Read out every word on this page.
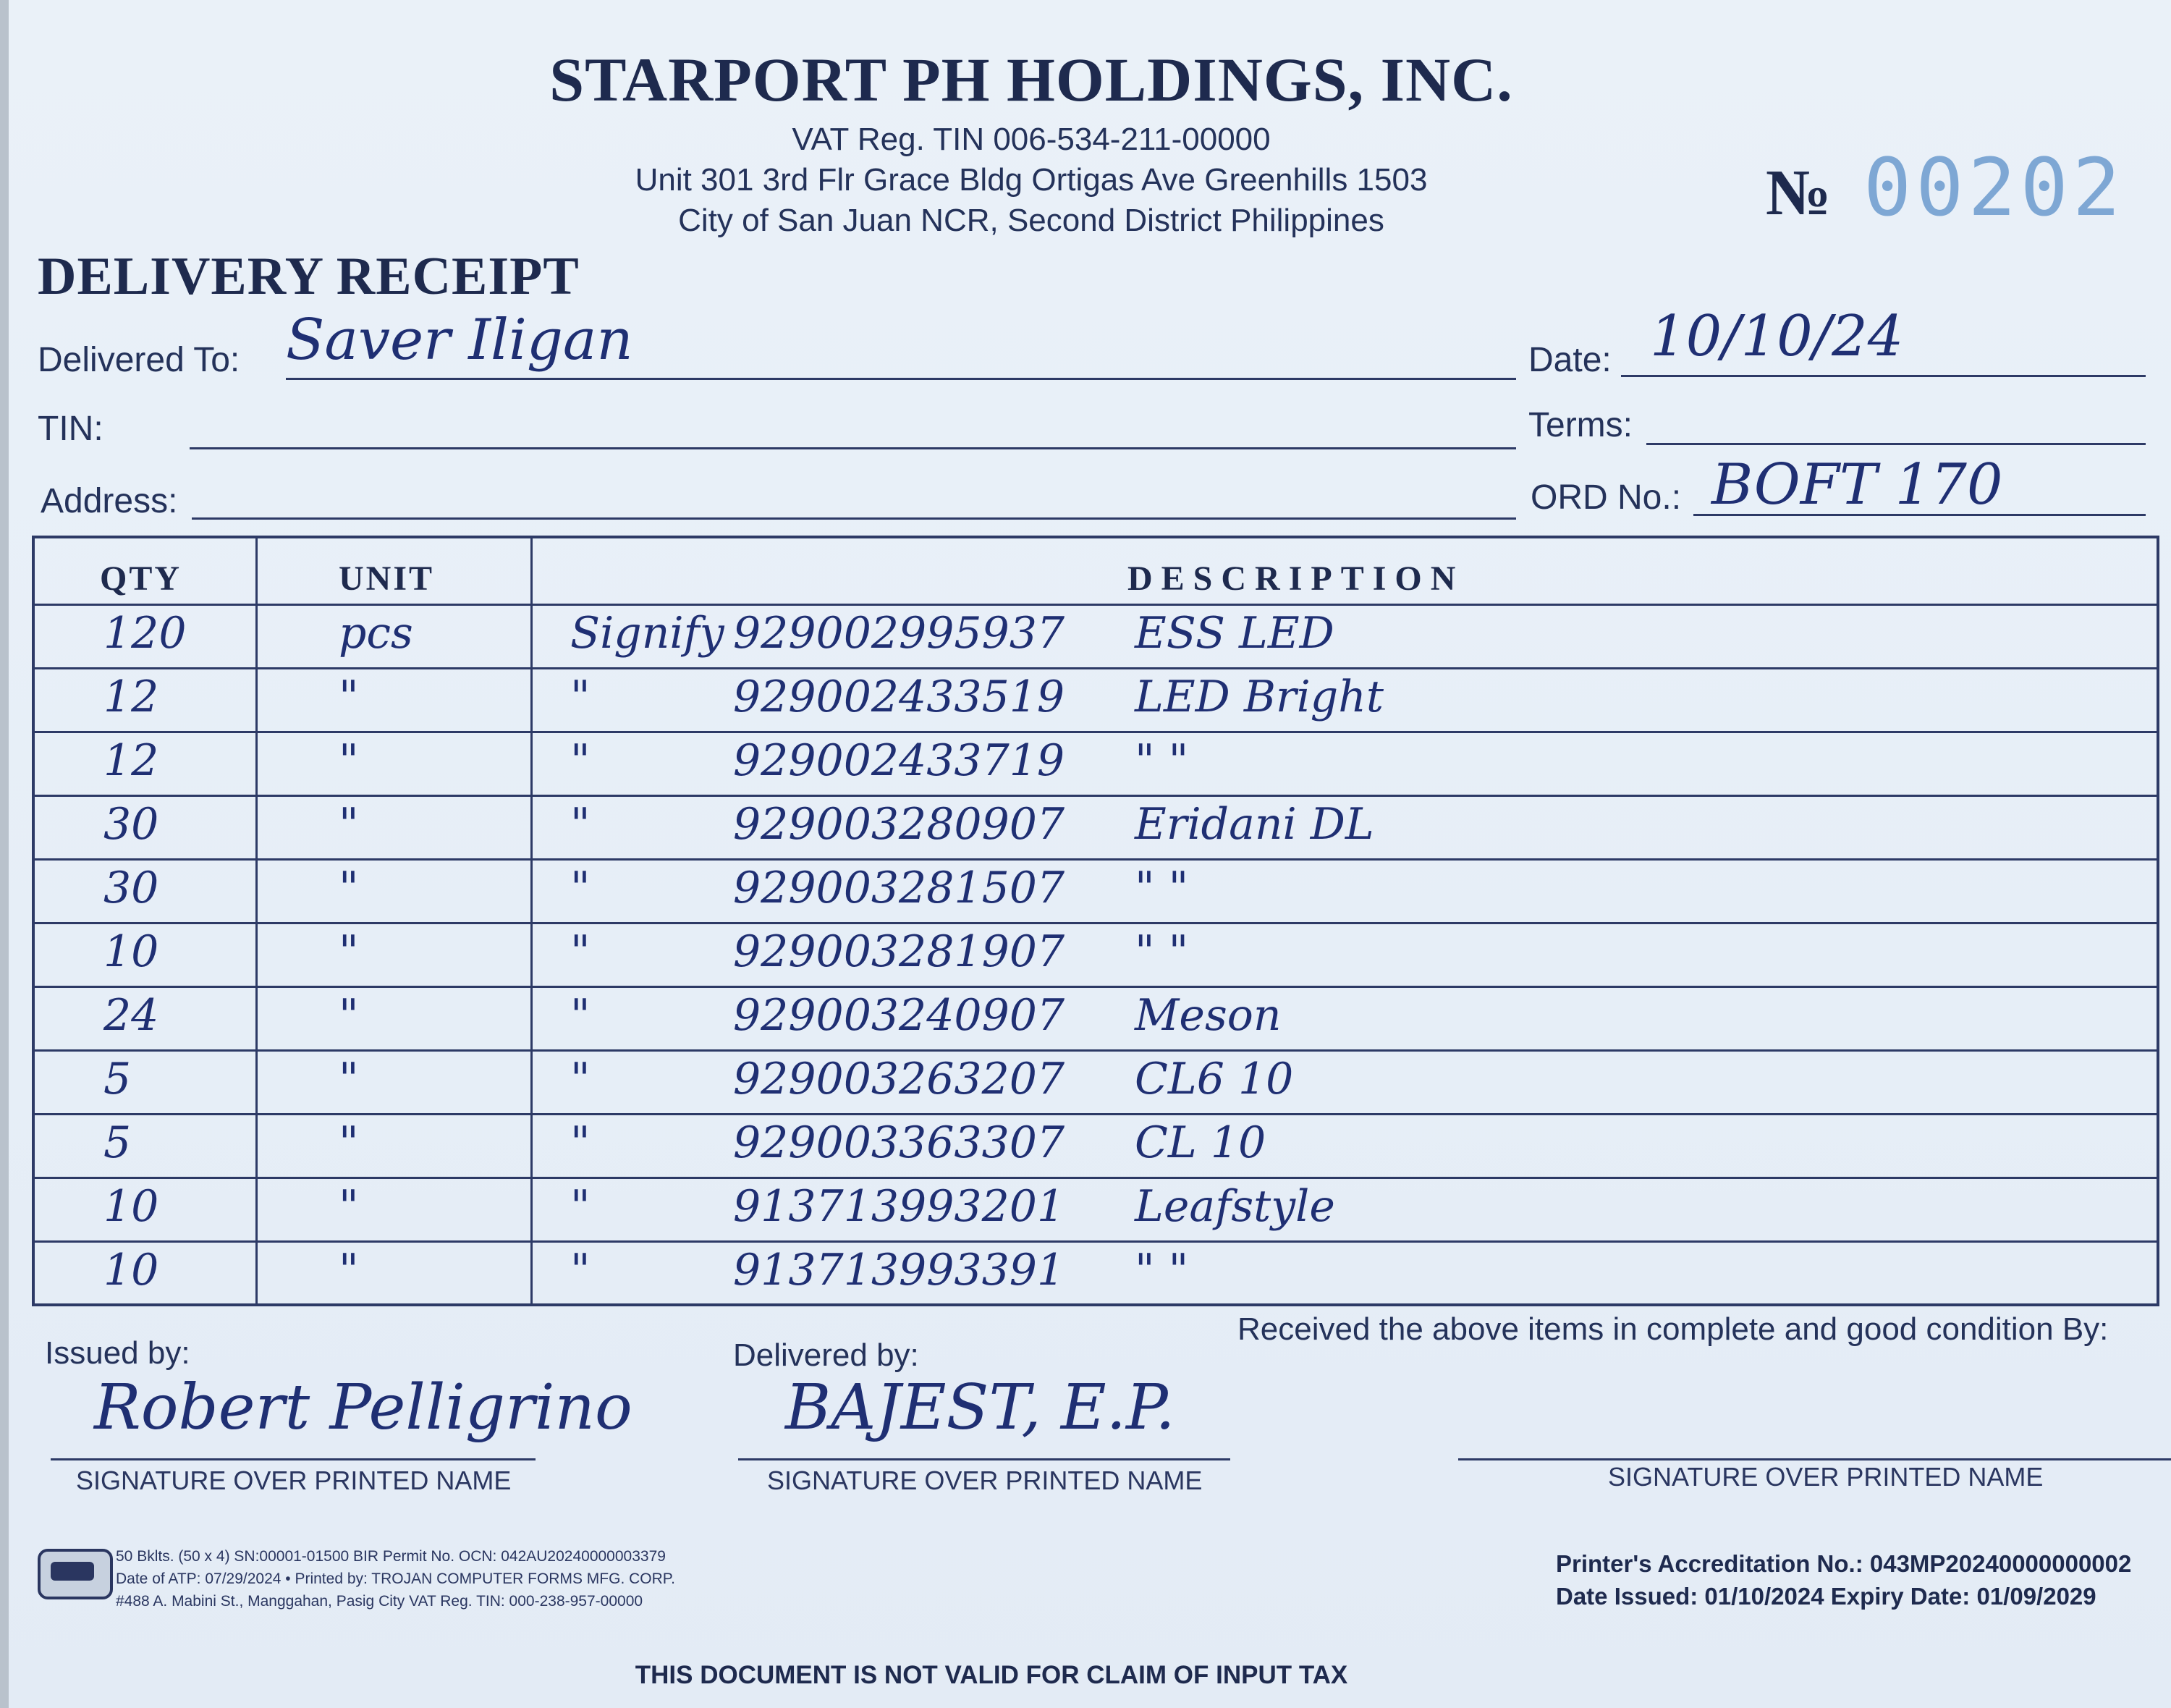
STARPORT PH HOLDINGS, INC.
VAT Reg. TIN 006-534-211-00000
Unit 301 3rd Flr Grace Bldg Ortigas Ave Greenhills 1503
City of San Juan NCR, Second District Philippines	№ 00202
DELIVERY RECEIPT
Delivered To: Saver Iligan	Date: 10/10/24
TIN:	Terms:
Address:	ORD No.: BOFT 170
QTY	UNIT	DESCRIPTION
120	pcs	Signify 929002995937 ESS LED
12	"	"	929002433519 LED Bright
12	"	"	929002433719 " "
30	"	"	929003280907 Eridani DL
30	"	"	929003281507 " "
10	"	"	929003281907 " "
24	"	"	929003240907 Meson
5	"	"	929003263207 CL6 10
5	"	"	929003363307 CL 10
10	"	"	913713993201 Leafstyle
10	"	"	913713993391 " "
Issued by:
Robert Pelligrino
SIGNATURE OVER PRINTED NAME
Delivered by:
BAJEST, E.P.
SIGNATURE OVER PRINTED NAME
Received the above items in complete and good condition By:
SIGNATURE OVER PRINTED NAME
50 Bklts. (50 x 4) SN:00001-01500 BIR Permit No. OCN: 042AU20240000003379
Date of ATP: 07/29/2024 • Printed by: TROJAN COMPUTER FORMS MFG. CORP.
#488 A. Mabini St., Manggahan, Pasig City VAT Reg. TIN: 000-238-957-00000
Printer's Accreditation No.: 043MP20240000000002
Date Issued: 01/10/2024 Expiry Date: 01/09/2029
THIS DOCUMENT IS NOT VALID FOR CLAIM OF INPUT TAX
